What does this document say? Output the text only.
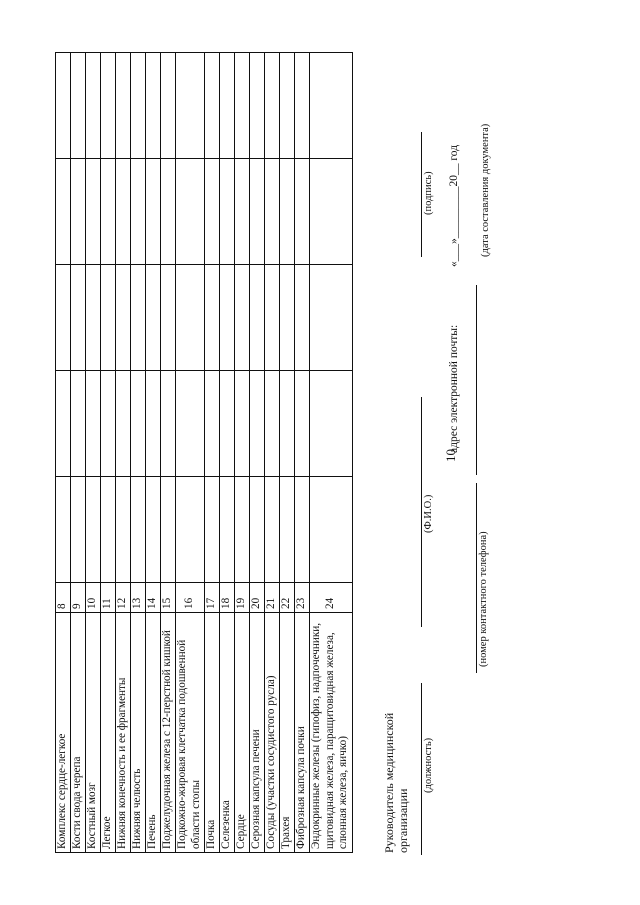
10
Комплекс сердце-легкое	8					
Кости свода черепа	9					
Костный мозг	10					
Легкое	11					
Нижняя конечность и ее фрагменты	12					
Нижняя челюсть	13					
Печень	14					
Поджелудочная железа с 12-перстной кишкой	15					
Подкожно-жировая клетчатка подошвенной области стопы	16					
Почка	17					
Селезенка	18					
Сердце	19					
Серозная капсула печени	20					
Сосуды (участки сосудистого русла)	21					
Трахея	22					
Фиброзная капсула почки	23					
Эндокринные железы (гипофиз, надпочечники, щитовидная железа, паращитовидная железа, слюнная железа, яичко)	24					
Руководитель медицинской организации
(должность)
(Ф.И.О.)
(подпись)
(номер контактного телефона)
адрес электронной почты:
«___»_________20__ год (дата составления документа)
